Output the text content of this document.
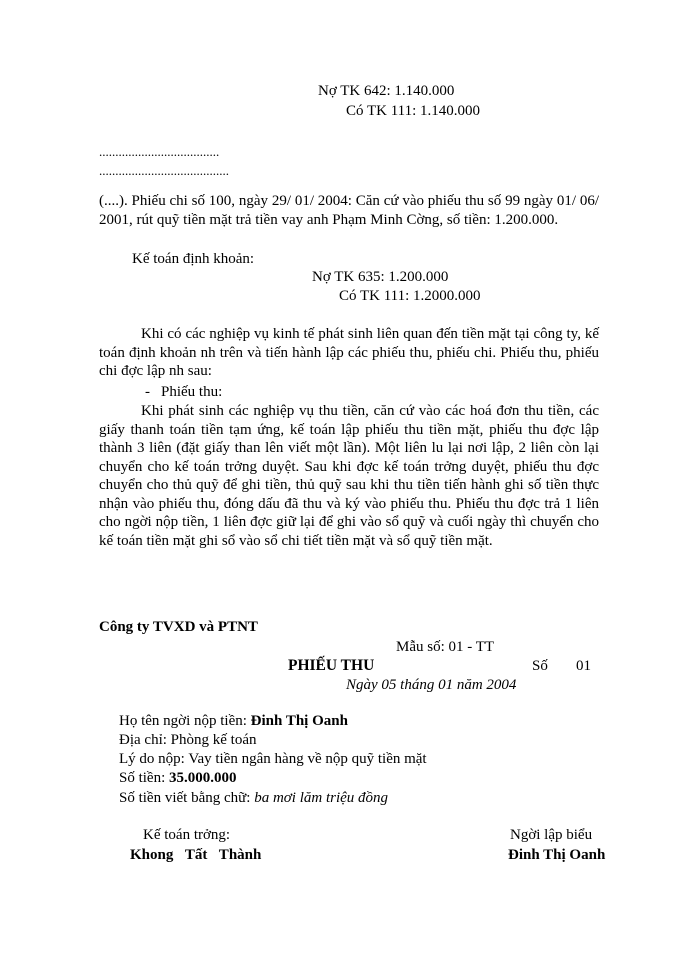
Nợ TK 642: 1.140.000
Có TK 111: 1.140.000
.....................................
........................................
(....). Phiếu chi số 100, ngày 29/ 01/ 2004: Căn cứ vào phiếu thu số 99 ngày 01/ 06/ 2001, rút quỹ tiền mặt trả tiền vay anh Phạm Minh Cờng, số tiền: 1.200.000.
Kế toán định khoản:
Nợ TK 635: 1.200.000
Có TK 111: 1.2000.000
Khi có các nghiệp vụ kinh tế phát sinh liên quan đến tiền mặt tại công ty, kế toán định khoản nh trên và tiến hành lập các phiếu thu, phiếu chi. Phiếu thu, phiếu chi đợc lập nh sau:
- Phiếu thu:
Khi phát sinh các nghiệp vụ thu tiền, căn cứ vào các hoá đơn thu tiền, các giấy thanh toán tiền tạm ứng, kế toán lập phiếu thu tiền mặt, phiếu thu đợc lập thành 3 liên (đặt giấy than lên viết một lần). Một liên lu lại nơi lập, 2 liên còn lại chuyển cho kế toán trởng duyệt. Sau khi đợc kế toán trởng duyệt, phiếu thu đợc chuyển cho thủ quỹ để ghi tiền, thủ quỹ sau khi thu tiền tiến hành ghi số tiền thực nhận vào phiếu thu, đóng dấu đã thu và ký vào phiếu thu. Phiếu thu đợc trả 1 liên cho ngời nộp tiền, 1 liên đợc giữ lại để ghi vào sổ quỹ và cuối ngày thì chuyển cho kế toán tiền mặt ghi sổ vào sổ chi tiết tiền mặt và sổ quỹ tiền mặt.
Công ty TVXD và PTNT
Mẫu số: 01 - TT
PHIẾU THU	Số 01
Ngày 05 tháng 01 năm 2004
Họ tên ngời nộp tiền: Đinh Thị Oanh
Địa chỉ: Phòng kế toán
Lý do nộp: Vay tiền ngân hàng về nộp quỹ tiền mặt
Số tiền: 35.000.000
Số tiền viết bằng chữ: ba mơi lăm triệu đồng
Kế toán trởng:
Khong Tất Thành
Ngời lập biểu
Đinh Thị Oanh
